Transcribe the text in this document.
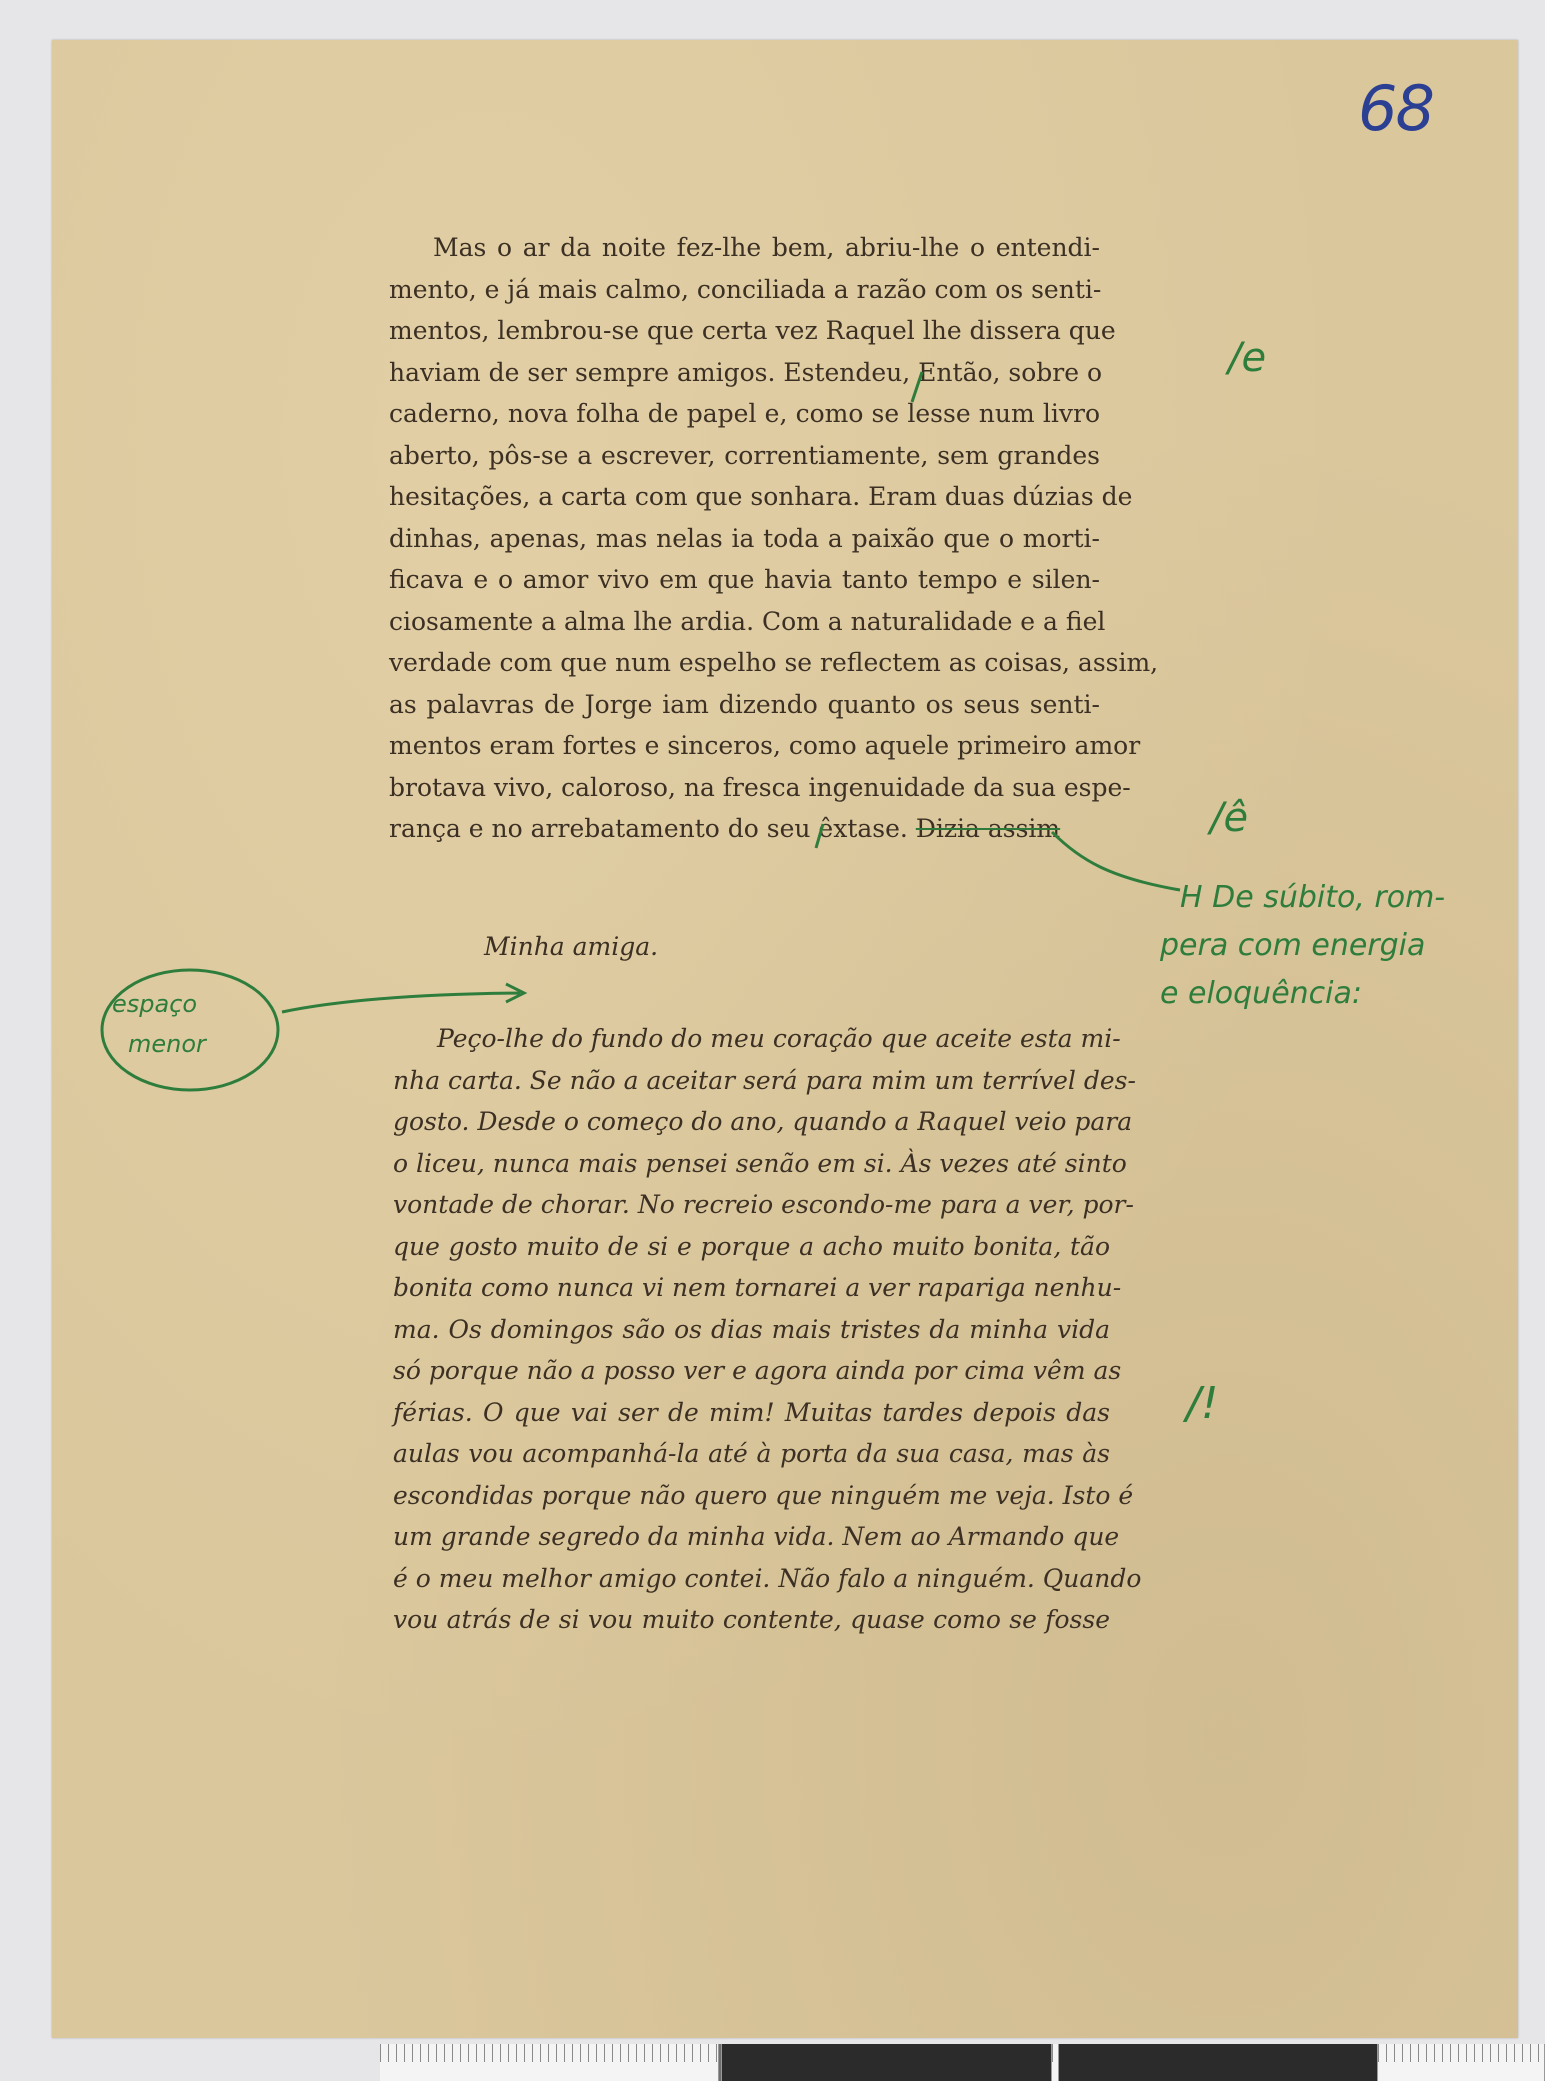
68
Mas o ar da noite fez-lhe bem, abriu-lhe o entendi-
mento, e já mais calmo, conciliada a razão com os senti-
mentos, lembrou-se que certa vez Raquel lhe dissera que
haviam de ser sempre amigos. Estendeu, Então, sobre o
caderno, nova folha de papel e, como se lesse num livro
aberto, pôs-se a escrever, correntiamente, sem grandes
hesitações, a carta com que sonhara. Eram duas dúzias de
dinhas, apenas, mas nelas ia toda a paixão que o morti-
ficava e o amor vivo em que havia tanto tempo e silen-
ciosamente a alma lhe ardia. Com a naturalidade e a fiel
verdade com que num espelho se reflectem as coisas, assim,
as palavras de Jorge iam dizendo quanto os seus senti-
mentos eram fortes e sinceros, como aquele primeiro amor
brotava vivo, caloroso, na fresca ingenuidade da sua espe-
rança e no arrebatamento do seu êxtase. Dizia assim
Minha amiga.
Peço-lhe do fundo do meu coração que aceite esta mi-
nha carta. Se não a aceitar será para mim um terrível des-
gosto. Desde o começo do ano, quando a Raquel veio para
o liceu, nunca mais pensei senão em si. Às vezes até sinto
vontade de chorar. No recreio escondo-me para a ver, por-
que gosto muito de si e porque a acho muito bonita, tão
bonita como nunca vi nem tornarei a ver rapariga nenhu-
ma. Os domingos são os dias mais tristes da minha vida
só porque não a posso ver e agora ainda por cima vêm as
férias. O que vai ser de mim! Muitas tardes depois das
aulas vou acompanhá-la até à porta da sua casa, mas às
escondidas porque não quero que ninguém me veja. Isto é
um grande segredo da minha vida. Nem ao Armando que
é o meu melhor amigo contei. Não falo a ninguém. Quando
vou atrás de si vou muito contente, quase como se fosse
/e
/ê
/!
H De súbito, rom-
pera com energia
e eloquência:
espaço
menor
